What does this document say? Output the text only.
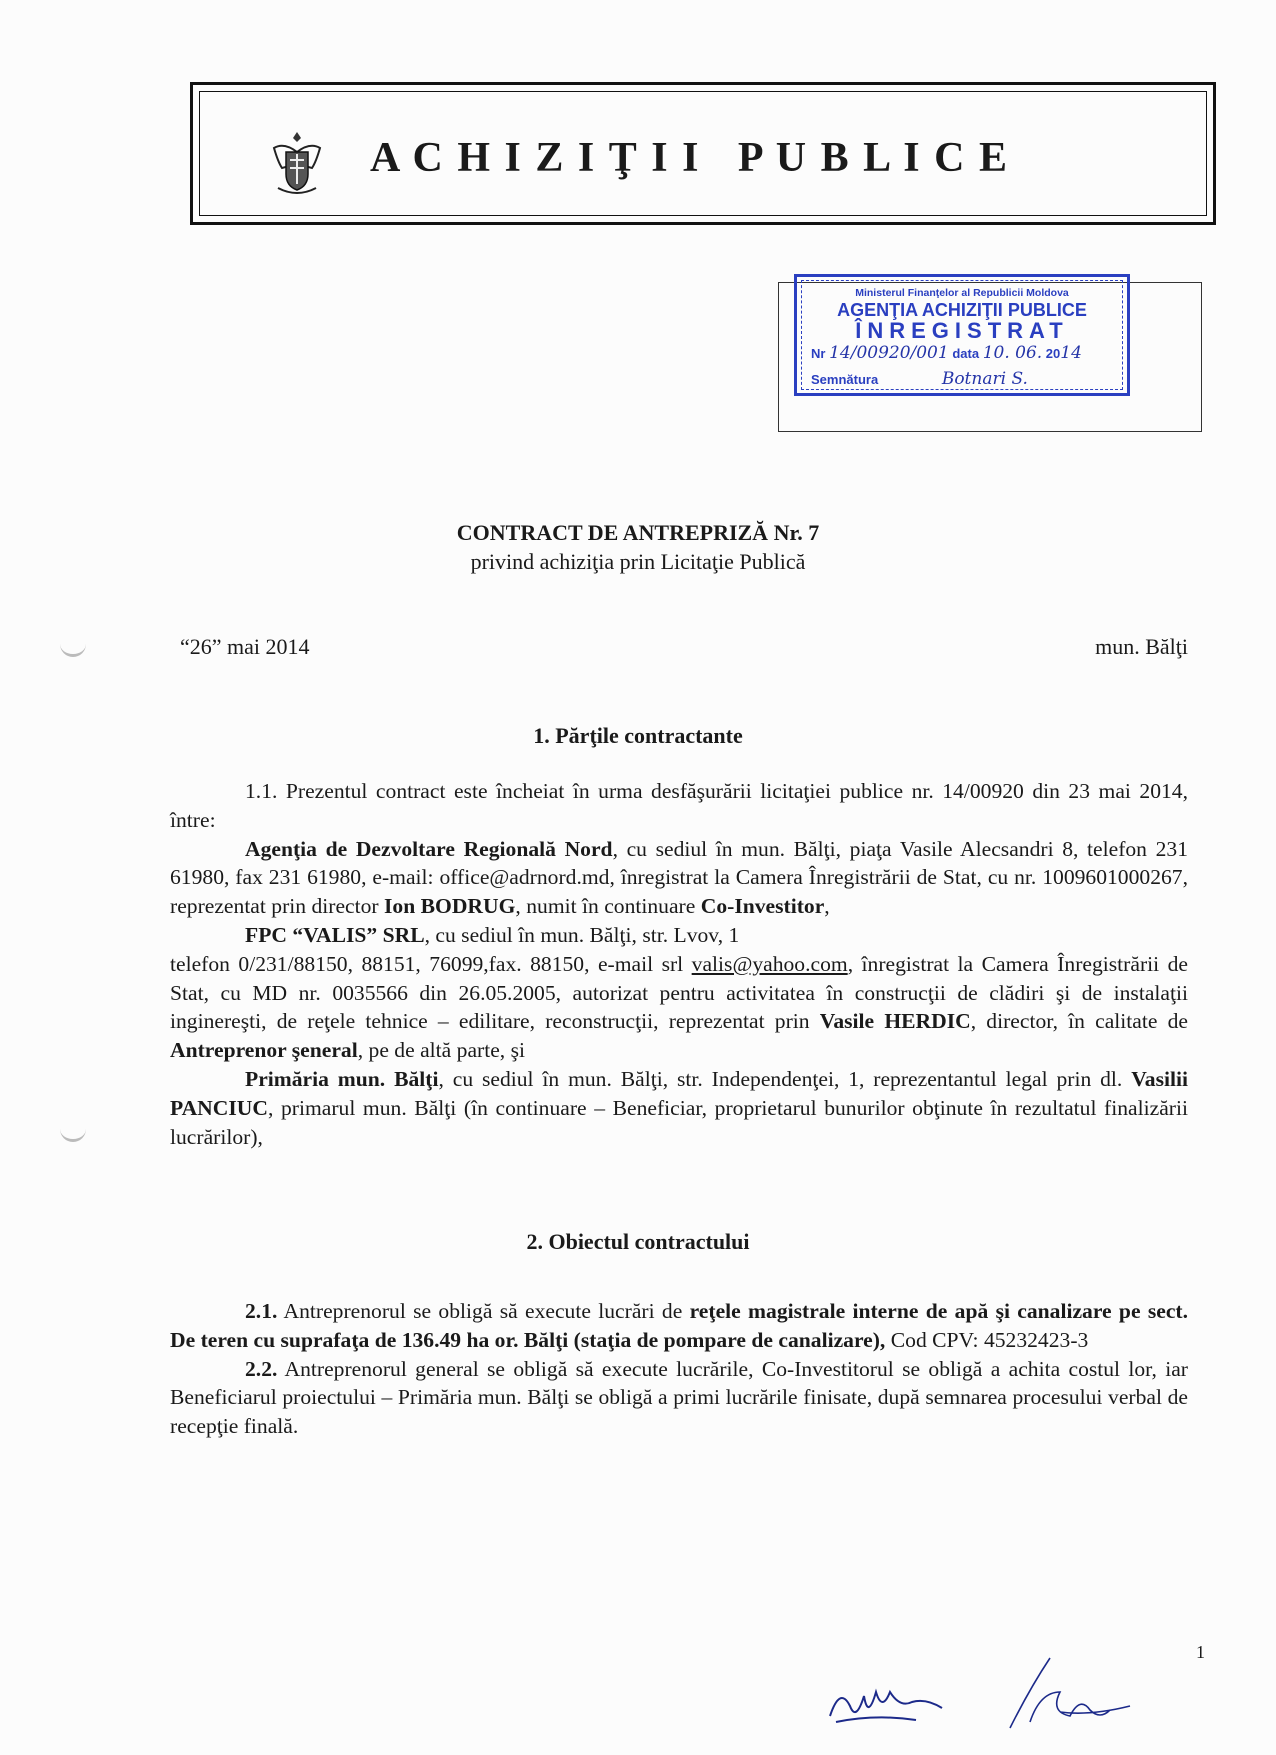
A C H I Z I Ţ I I   P U B L I C E
Ministerul Finanţelor al Republicii Moldova
AGENŢIA ACHIZIŢII PUBLICE
ÎNREGISTRAT
Nr 14/00920/001 data 10. 06. 2014
Semnătura	Botnari S.
CONTRACT DE ANTREPRIZĂ Nr. 7
privind achiziţia prin Licitaţie Publică
“26” mai 2014	mun. Bălţi
1. Părţile contractante

1.1. Prezentul contract este încheiat în urma desfăşurării licitaţiei publice nr. 14/00920 din 23 mai 2014, între:

Agenţia de Dezvoltare Regională Nord, cu sediul în mun. Bălţi, piaţa Vasile Alecsandri 8, telefon 231 61980, fax 231 61980, e-mail: office@adrnord.md, înregistrat la Camera Înregistrării de Stat, cu nr. 1009601000267, reprezentat prin director Ion BODRUG, numit în continuare Co-Investitor,

FPC “VALIS” SRL, cu sediul în mun. Bălţi, str. Lvov, 1

telefon 0/231/88150, 88151, 76099,fax. 88150, e-mail srl valis@yahoo.com, înregistrat la Camera Înregistrării de Stat, cu MD nr. 0035566 din 26.05.2005, autorizat pentru activitatea în construcţii de clădiri şi de instalaţii inginereşti, de reţele tehnice – edilitare, reconstrucţii, reprezentat prin Vasile HERDIC, director, în calitate de Antreprenor şeneral, pe de altă parte, şi

Primăria mun. Bălţi, cu sediul în mun. Bălţi, str. Independenţei, 1, reprezentantul legal prin dl. Vasilii PANCIUC, primarul mun. Bălţi (în continuare – Beneficiar, proprietarul bunurilor obţinute în rezultatul finalizării lucrărilor),

2. Obiectul contractului

2.1. Antreprenorul se obligă să execute lucrări de reţele magistrale interne de apă şi canalizare pe sect. De teren cu suprafaţa de 136.49 ha or. Bălţi (staţia de pompare de canalizare), Cod CPV: 45232423-3

2.2. Antreprenorul general se obligă să execute lucrările, Co-Investitorul se obligă a achita costul lor, iar Beneficiarul proiectului – Primăria mun. Bălţi se obligă a primi lucrările finisate, după semnarea procesului verbal de recepţie finală.

1
